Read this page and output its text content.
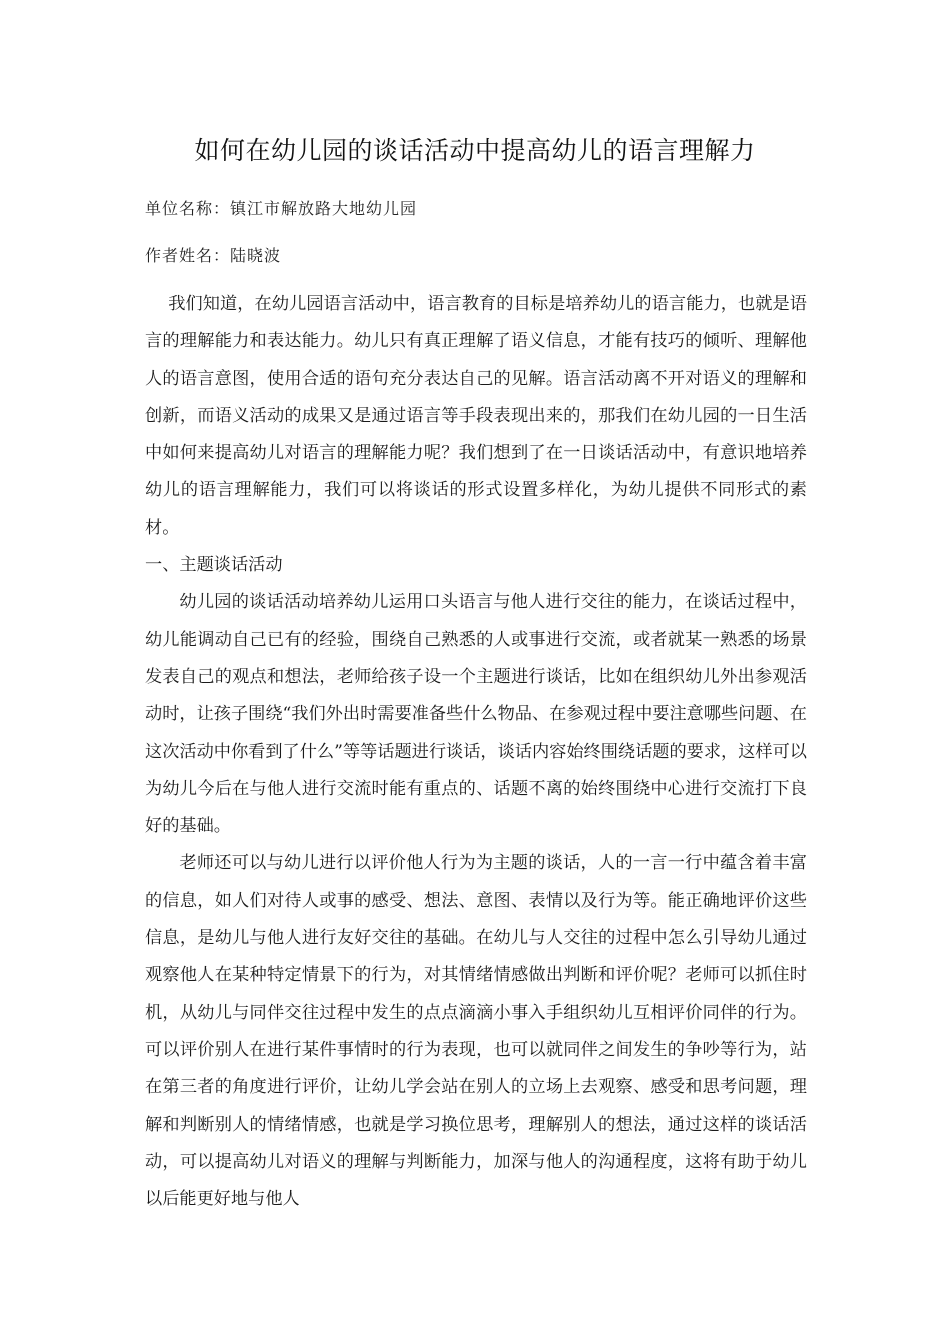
如何在幼儿园的谈话活动中提高幼儿的语言理解力

单位名称：镇江市解放路大地幼儿园

作者姓名：陆晓波

我们知道，在幼儿园语言活动中，语言教育的目标是培养幼儿的语言能力，也就是语言的理解能力和表达能力。幼儿只有真正理解了语义信息，才能有技巧的倾听、理解他人的语言意图，使用合适的语句充分表达自己的见解。语言活动离不开对语义的理解和创新，而语义活动的成果又是通过语言等手段表现出来的，那我们在幼儿园的一日生活中如何来提高幼儿对语言的理解能力呢？我们想到了在一日谈话活动中，有意识地培养幼儿的语言理解能力，我们可以将谈话的形式设置多样化，为幼儿提供不同形式的素材。

一、主题谈话活动

幼儿园的谈话活动培养幼儿运用口头语言与他人进行交往的能力，在谈话过程中，幼儿能调动自己已有的经验，围绕自己熟悉的人或事进行交流，或者就某一熟悉的场景发表自己的观点和想法，老师给孩子设一个主题进行谈话，比如在组织幼儿外出参观活动时，让孩子围绕“我们外出时需要准备些什么物品、在参观过程中要注意哪些问题、在这次活动中你看到了什么”等等话题进行谈话，谈话内容始终围绕话题的要求，这样可以为幼儿今后在与他人进行交流时能有重点的、话题不离的始终围绕中心进行交流打下良好的基础。

老师还可以与幼儿进行以评价他人行为为主题的谈话，人的一言一行中蕴含着丰富的信息，如人们对待人或事的感受、想法、意图、表情以及行为等。能正确地评价这些信息，是幼儿与他人进行友好交往的基础。在幼儿与人交往的过程中怎么引导幼儿通过观察他人在某种特定情景下的行为，对其情绪情感做出判断和评价呢？老师可以抓住时机，从幼儿与同伴交往过程中发生的点点滴滴小事入手组织幼儿互相评价同伴的行为。可以评价别人在进行某件事情时的行为表现，也可以就同伴之间发生的争吵等行为，站在第三者的角度进行评价，让幼儿学会站在别人的立场上去观察、感受和思考问题，理解和判断别人的情绪情感，也就是学习换位思考，理解别人的想法，通过这样的谈话活动，可以提高幼儿对语义的理解与判断能力，加深与他人的沟通程度，这将有助于幼儿以后能更好地与他人
